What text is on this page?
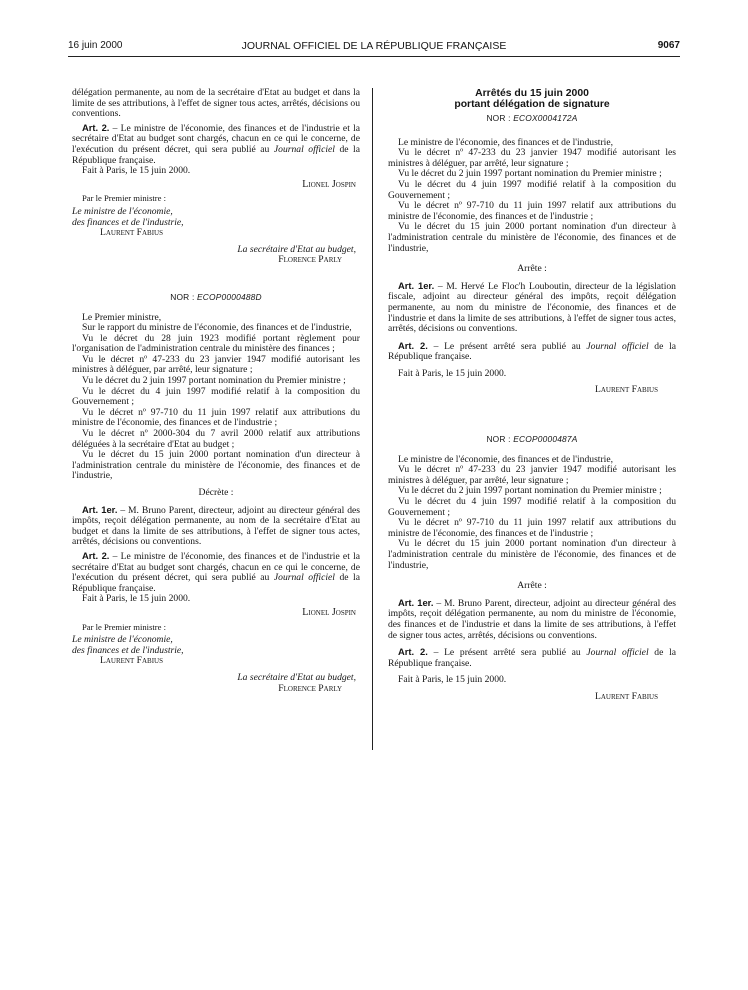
16 juin 2000	JOURNAL OFFICIEL DE LA RÉPUBLIQUE FRANÇAISE	9067

délégation permanente, au nom de la secrétaire d'Etat au budget et dans la limite de ses attributions, à l'effet de signer tous actes, arrêtés, décisions ou conventions.

Art. 2. – Le ministre de l'économie, des finances et de l'industrie et la secrétaire d'Etat au budget sont chargés, chacun en ce qui le concerne, de l'exécution du présent décret, qui sera publié au Journal officiel de la République française.

Fait à Paris, le 15 juin 2000.

Lionel Jospin

Par le Premier ministre :

Le ministre de l'économie,

des finances et de l'industrie,

Laurent Fabius

La secrétaire d'Etat au budget,

Florence Parly

NOR : ECOP0000488D

Le Premier ministre,

Sur le rapport du ministre de l'économie, des finances et de l'industrie,

Vu le décret du 28 juin 1923 modifié portant règlement pour l'organisation de l'administration centrale du ministère des finances ;

Vu le décret nº 47-233 du 23 janvier 1947 modifié autorisant les ministres à déléguer, par arrêté, leur signature ;

Vu le décret du 2 juin 1997 portant nomination du Premier ministre ;

Vu le décret du 4 juin 1997 modifié relatif à la composition du Gouvernement ;

Vu le décret nº 97-710 du 11 juin 1997 relatif aux attributions du ministre de l'économie, des finances et de l'industrie ;

Vu le décret nº 2000-304 du 7 avril 2000 relatif aux attributions déléguées à la secrétaire d'Etat au budget ;

Vu le décret du 15 juin 2000 portant nomination d'un directeur à l'administration centrale du ministère de l'économie, des finances et de l'industrie,

Décrète :

Art. 1er. – M. Bruno Parent, directeur, adjoint au directeur général des impôts, reçoit délégation permanente, au nom de la secrétaire d'Etat au budget et dans la limite de ses attributions, à l'effet de signer tous actes, arrêtés, décisions ou conventions.

Art. 2. – Le ministre de l'économie, des finances et de l'industrie et la secrétaire d'Etat au budget sont chargés, chacun en ce qui le concerne, de l'exécution du présent décret, qui sera publié au Journal officiel de la République française.

Fait à Paris, le 15 juin 2000.

Lionel Jospin

Par le Premier ministre :

Le ministre de l'économie,

des finances et de l'industrie,

Laurent Fabius

La secrétaire d'Etat au budget,

Florence Parly

Arrêtés du 15 juin 2000

portant délégation de signature

NOR : ECOX0004172A

Le ministre de l'économie, des finances et de l'industrie,

Vu le décret nº 47-233 du 23 janvier 1947 modifié autorisant les ministres à déléguer, par arrêté, leur signature ;

Vu le décret du 2 juin 1997 portant nomination du Premier ministre ;

Vu le décret du 4 juin 1997 modifié relatif à la composition du Gouvernement ;

Vu le décret nº 97-710 du 11 juin 1997 relatif aux attributions du ministre de l'économie, des finances et de l'industrie ;

Vu le décret du 15 juin 2000 portant nomination d'un directeur à l'administration centrale du ministère de l'économie, des finances et de l'industrie,

Arrête :

Art. 1er. – M. Hervé Le Floc'h Louboutin, directeur de la législation fiscale, adjoint au directeur général des impôts, reçoit délégation permanente, au nom du ministre de l'économie, des finances et de l'industrie et dans la limite de ses attributions, à l'effet de signer tous actes, arrêtés, décisions ou conventions.

Art. 2. – Le présent arrêté sera publié au Journal officiel de la République française.

Fait à Paris, le 15 juin 2000.

Laurent Fabius

NOR : ECOP0000487A

Le ministre de l'économie, des finances et de l'industrie,

Vu le décret nº 47-233 du 23 janvier 1947 modifié autorisant les ministres à déléguer, par arrêté, leur signature ;

Vu le décret du 2 juin 1997 portant nomination du Premier ministre ;

Vu le décret du 4 juin 1997 modifié relatif à la composition du Gouvernement ;

Vu le décret nº 97-710 du 11 juin 1997 relatif aux attributions du ministre de l'économie, des finances et de l'industrie ;

Vu le décret du 15 juin 2000 portant nomination d'un directeur à l'administration centrale du ministère de l'économie, des finances et de l'industrie,

Arrête :

Art. 1er. – M. Bruno Parent, directeur, adjoint au directeur général des impôts, reçoit délégation permanente, au nom du ministre de l'économie, des finances et de l'industrie et dans la limite de ses attributions, à l'effet de signer tous actes, arrêtés, décisions ou conventions.

Art. 2. – Le présent arrêté sera publié au Journal officiel de la République française.

Fait à Paris, le 15 juin 2000.

Laurent Fabius
